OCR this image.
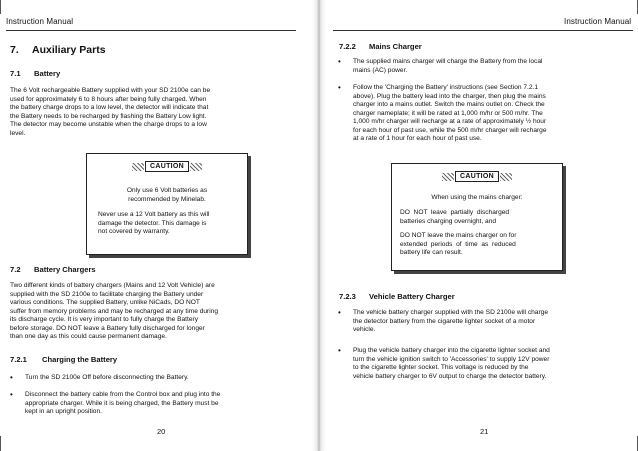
Instruction Manual
7. Auxiliary Parts
7.1 Battery
The 6 Volt rechargeable Battery supplied with your SD 2100e can be
used for approximately 6 to 8 hours after being fully charged. When
the battery charge drops to a low level, the detector will indicate that
the Battery needs to be recharged by flashing the Battery Low light.
The detector may become unstable when the charge drops to a low
level.
CAUTION
Only use 6 Volt batteries as
recommended by Minelab.
Never use a 12 Volt battery as this will
damage the detector. This damage is
not covered by warranty.
7.2 Battery Chargers
Two different kinds of battery chargers (Mains and 12 Volt Vehicle) are
supplied with the SD 2100e to facilitate charging the Battery under
various conditions. The supplied Battery, unlike NiCads, DO NOT
suffer from memory problems and may be recharged at any time during
its discharge cycle. It is very important to fully charge the Battery
before storage. DO NOT leave a Battery fully discharged for longer
than one day as this could cause permanent damage.
7.2.1 Charging the Battery
• Turn the SD 2100e Off before disconnecting the Battery.
• Disconnect the battery cable from the Control box and plug into the
appropriate charger. While it is being charged, the Battery must be
kept in an upright position.
20
Instruction Manual
7.2.2 Mains Charger
• The supplied mains charger will charge the Battery from the local
mains (AC) power.
• Follow the 'Charging the Battery' instructions (see Section 7.2.1
above). Plug the battery lead into the charger, then plug the mains
charger into a mains outlet. Switch the mains outlet on. Check the
charger nameplate; it will be rated at 1,000 m/hr or 500 m/hr. The
1,000 m/hr charger will recharge at a rate of approximately ½ hour
for each hour of past use, while the 500 m/hr charger will recharge
at a rate of 1 hour for each hour of past use.
CAUTION
When using the mains charger:
DO  NOT  leave  partially  discharged
batteries charging overnight, and
DO NOT leave the mains charger on for
extended  periods  of  time  as  reduced
battery life can result.
7.2.3 Vehicle Battery Charger
• The vehicle battery charger supplied with the SD 2100e will charge
the detector battery from the cigarette lighter socket of a motor
vehicle.
• Plug the vehicle battery charger into the cigarette lighter socket and
turn the vehicle ignition switch to 'Accessories' to supply 12V power
to the cigarette lighter socket. This voltage is reduced by the
vehicle battery charger to 6V output to charge the detector battery.
21
